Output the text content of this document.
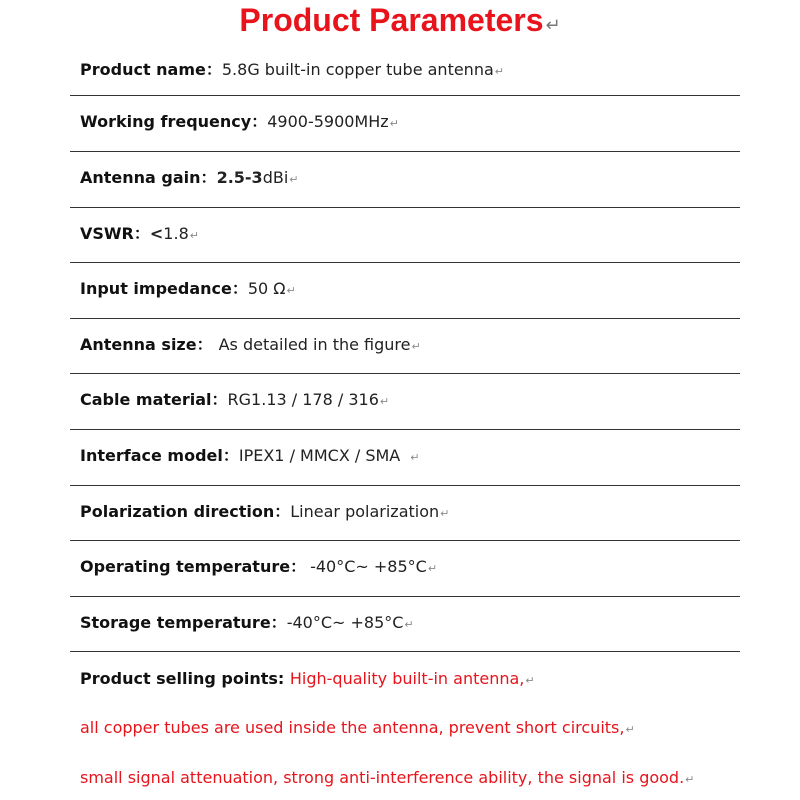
Product Parameters ↵
Product name：5.8G built-in copper tube antenna↵
Working frequency：4900-5900MHz↵
Antenna gain：2.5-3dBi↵
VSWR：<1.8↵
Input impedance：50 Ω↵
Antenna size： As detailed in the figure↵
Cable material：RG1.13 / 178 / 316↵
Interface model：IPEX1 / MMCX / SMA ↵
Polarization direction：Linear polarization↵
Operating temperature： -40°C~ +85°C↵
Storage temperature：-40°C~ +85°C↵
Product selling points: High-quality built-in antenna,↵
all copper tubes are used inside the antenna, prevent short circuits,↵
small signal attenuation, strong anti-interference ability, the signal is good.↵
